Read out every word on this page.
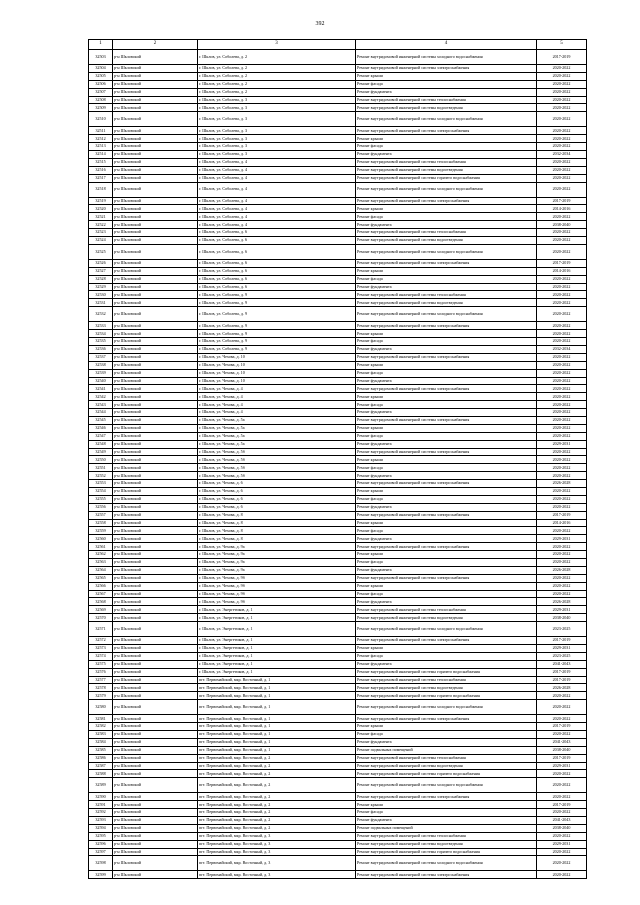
392
1	2	3	4	5
32503	р-н Шкловский	г. Шклов, ул. Соболева, д. 2	Ремонт внутридомовой инженерной системы холодного водоснабжения	2017-2019
32504	р-н Шкловский	г. Шклов, ул. Соболева, д. 2	Ремонт внутридомовой инженерной системы электроснабжения	2020-2022
32505	р-н Шкловский	г. Шклов, ул. Соболева, д. 2	Ремонт крыши	2020-2022
32506	р-н Шкловский	г. Шклов, ул. Соболева, д. 2	Ремонт фасада	2020-2022
32507	р-н Шкловский	г. Шклов, ул. Соболева, д. 2	Ремонт фундамента	2020-2022
32508	р-н Шкловский	г. Шклов, ул. Соболева, д. 3	Ремонт внутридомовой инженерной системы теплоснабжения	2020-2022
32509	р-н Шкловский	г. Шклов, ул. Соболева, д. 3	Ремонт внутридомовой инженерной системы водоотведения	2020-2022
32510	р-н Шкловский	г. Шклов, ул. Соболева, д. 3	Ремонт внутридомовой инженерной системы холодного водоснабжения	2020-2022
32511	р-н Шкловский	г. Шклов, ул. Соболева, д. 3	Ремонт внутридомовой инженерной системы электроснабжения	2020-2022
32512	р-н Шкловский	г. Шклов, ул. Соболева, д. 3	Ремонт крыши	2020-2022
32513	р-н Шкловский	г. Шклов, ул. Соболева, д. 3	Ремонт фасада	2020-2022
32514	р-н Шкловский	г. Шклов, ул. Соболева, д. 3	Ремонт фундамента	2032-2034
32515	р-н Шкловский	г. Шклов, ул. Соболева, д. 4	Ремонт внутридомовой инженерной системы теплоснабжения	2020-2022
32516	р-н Шкловский	г. Шклов, ул. Соболева, д. 4	Ремонт внутридомовой инженерной системы водоотведения	2020-2022
32517	р-н Шкловский	г. Шклов, ул. Соболева, д. 4	Ремонт внутридомовой инженерной системы горячего водоснабжения	2020-2022
32518	р-н Шкловский	г. Шклов, ул. Соболева, д. 4	Ремонт внутридомовой инженерной системы холодного водоснабжения	2020-2022
32519	р-н Шкловский	г. Шклов, ул. Соболева, д. 4	Ремонт внутридомовой инженерной системы электроснабжения	2017-2019
32520	р-н Шкловский	г. Шклов, ул. Соболева, д. 4	Ремонт крыши	2014-2016
32521	р-н Шкловский	г. Шклов, ул. Соболева, д. 4	Ремонт фасада	2020-2022
32522	р-н Шкловский	г. Шклов, ул. Соболева, д. 4	Ремонт фундамента	2038-2040
32523	р-н Шкловский	г. Шклов, ул. Соболева, д. 6	Ремонт внутридомовой инженерной системы теплоснабжения	2020-2022
32524	р-н Шкловский	г. Шклов, ул. Соболева, д. 6	Ремонт внутридомовой инженерной системы водоотведения	2020-2022
32525	р-н Шкловский	г. Шклов, ул. Соболева, д. 6	Ремонт внутридомовой инженерной системы холодного водоснабжения	2020-2022
32526	р-н Шкловский	г. Шклов, ул. Соболева, д. 6	Ремонт внутридомовой инженерной системы электроснабжения	2017-2019
32527	р-н Шкловский	г. Шклов, ул. Соболева, д. 6	Ремонт крыши	2014-2016
32528	р-н Шкловский	г. Шклов, ул. Соболева, д. 6	Ремонт фасада	2020-2022
32529	р-н Шкловский	г. Шклов, ул. Соболева, д. 6	Ремонт фундамента	2020-2022
32530	р-н Шкловский	г. Шклов, ул. Соболева, д. 9	Ремонт внутридомовой инженерной системы теплоснабжения	2020-2022
32531	р-н Шкловский	г. Шклов, ул. Соболева, д. 9	Ремонт внутридомовой инженерной системы водоотведения	2020-2022
32532	р-н Шкловский	г. Шклов, ул. Соболева, д. 9	Ремонт внутридомовой инженерной системы холодного водоснабжения	2020-2022
32533	р-н Шкловский	г. Шклов, ул. Соболева, д. 9	Ремонт внутридомовой инженерной системы электроснабжения	2020-2022
32534	р-н Шкловский	г. Шклов, ул. Соболева, д. 9	Ремонт крыши	2020-2022
32535	р-н Шкловский	г. Шклов, ул. Соболева, д. 9	Ремонт фасада	2020-2022
32536	р-н Шкловский	г. Шклов, ул. Соболева, д. 9	Ремонт фундамента	2032-2034
32537	р-н Шкловский	г. Шклов, ул. Чехова, д. 10	Ремонт внутридомовой инженерной системы электроснабжения	2020-2022
32538	р-н Шкловский	г. Шклов, ул. Чехова, д. 10	Ремонт крыши	2020-2022
32539	р-н Шкловский	г. Шклов, ул. Чехова, д. 10	Ремонт фасада	2020-2022
32540	р-н Шкловский	г. Шклов, ул. Чехова, д. 10	Ремонт фундамента	2020-2022
32541	р-н Шкловский	г. Шклов, ул. Чехова, д. 4	Ремонт внутридомовой инженерной системы электроснабжения	2020-2022
32542	р-н Шкловский	г. Шклов, ул. Чехова, д. 4	Ремонт крыши	2020-2022
32543	р-н Шкловский	г. Шклов, ул. Чехова, д. 4	Ремонт фасада	2020-2022
32544	р-н Шкловский	г. Шклов, ул. Чехова, д. 4	Ремонт фундамента	2020-2022
32545	р-н Шкловский	г. Шклов, ул. Чехова, д. 5а	Ремонт внутридомовой инженерной системы электроснабжения	2020-2022
32546	р-н Шкловский	г. Шклов, ул. Чехова, д. 5а	Ремонт крыши	2020-2022
32547	р-н Шкловский	г. Шклов, ул. Чехова, д. 5а	Ремонт фасада	2020-2022
32548	р-н Шкловский	г. Шклов, ул. Чехова, д. 5а	Ремонт фундамента	2029-2031
32549	р-н Шкловский	г. Шклов, ул. Чехова, д. 5б	Ремонт внутридомовой инженерной системы электроснабжения	2020-2022
32550	р-н Шкловский	г. Шклов, ул. Чехова, д. 5б	Ремонт крыши	2020-2022
32551	р-н Шкловский	г. Шклов, ул. Чехова, д. 5б	Ремонт фасада	2020-2022
32552	р-н Шкловский	г. Шклов, ул. Чехова, д. 5б	Ремонт фундамента	2020-2022
32553	р-н Шкловский	г. Шклов, ул. Чехова, д. 6	Ремонт внутридомовой инженерной системы электроснабжения	2026-2028
32554	р-н Шкловский	г. Шклов, ул. Чехова, д. 6	Ремонт крыши	2020-2022
32555	р-н Шкловский	г. Шклов, ул. Чехова, д. 6	Ремонт фасада	2020-2022
32556	р-н Шкловский	г. Шклов, ул. Чехова, д. 6	Ремонт фундамента	2020-2022
32557	р-н Шкловский	г. Шклов, ул. Чехова, д. 8	Ремонт внутридомовой инженерной системы электроснабжения	2017-2019
32558	р-н Шкловский	г. Шклов, ул. Чехова, д. 8	Ремонт крыши	2014-2016
32559	р-н Шкловский	г. Шклов, ул. Чехова, д. 8	Ремонт фасада	2020-2022
32560	р-н Шкловский	г. Шклов, ул. Чехова, д. 8	Ремонт фундамента	2029-2031
32561	р-н Шкловский	г. Шклов, ул. Чехова, д. 9а	Ремонт внутридомовой инженерной системы электроснабжения	2020-2022
32562	р-н Шкловский	г. Шклов, ул. Чехова, д. 9а	Ремонт крыши	2020-2022
32563	р-н Шкловский	г. Шклов, ул. Чехова, д. 9а	Ремонт фасада	2020-2022
32564	р-н Шкловский	г. Шклов, ул. Чехова, д. 9а	Ремонт фундамента	2026-2028
32565	р-н Шкловский	г. Шклов, ул. Чехова, д. 9б	Ремонт внутридомовой инженерной системы электроснабжения	2020-2022
32566	р-н Шкловский	г. Шклов, ул. Чехова, д. 9б	Ремонт крыши	2020-2022
32567	р-н Шкловский	г. Шклов, ул. Чехова, д. 9б	Ремонт фасада	2020-2022
32568	р-н Шкловский	г. Шклов, ул. Чехова, д. 9б	Ремонт фундамента	2026-2028
32569	р-н Шкловский	г. Шклов, ул. Энергетиков, д. 1	Ремонт внутридомовой инженерной системы теплоснабжения	2029-2031
32570	р-н Шкловский	г. Шклов, ул. Энергетиков, д. 1	Ремонт внутридомовой инженерной системы водоотведения	2038-2040
32571	р-н Шкловский	г. Шклов, ул. Энергетиков, д. 1	Ремонт внутридомовой инженерной системы холодного водоснабжения	2023-2025
32572	р-н Шкловский	г. Шклов, ул. Энергетиков, д. 1	Ремонт внутридомовой инженерной системы электроснабжения	2017-2019
32573	р-н Шкловский	г. Шклов, ул. Энергетиков, д. 1	Ремонт крыши	2029-2031
32574	р-н Шкловский	г. Шклов, ул. Энергетиков, д. 1	Ремонт фасада	2023-2025
32575	р-н Шкловский	г. Шклов, ул. Энергетиков, д. 1	Ремонт фундамента	2041-2043
32576	р-н Шкловский	г. Шклов, ул. Энергетиков, д. 1	Ремонт внутридомовой инженерной системы горячего водоснабжения	2017-2019
32577	р-н Шкловский	пгт. Первомайский, мкр. Восточный, д. 1	Ремонт внутридомовой инженерной системы теплоснабжения	2017-2019
32578	р-н Шкловский	пгт. Первомайский, мкр. Восточный, д. 1	Ремонт внутридомовой инженерной системы водоотведения	2026-2028
32579	р-н Шкловский	пгт. Первомайский, мкр. Восточный, д. 1	Ремонт внутридомовой инженерной системы горячего водоснабжения	2020-2022
32580	р-н Шкловский	пгт. Первомайский, мкр. Восточный, д. 1	Ремонт внутридомовой инженерной системы холодного водоснабжения	2020-2022
32581	р-н Шкловский	пгт. Первомайский, мкр. Восточный, д. 1	Ремонт внутридомовой инженерной системы электроснабжения	2020-2022
32582	р-н Шкловский	пгт. Первомайский, мкр. Восточный, д. 1	Ремонт крыши	2017-2019
32583	р-н Шкловский	пгт. Первомайский, мкр. Восточный, д. 1	Ремонт фасада	2020-2022
32584	р-н Шкловский	пгт. Первомайский, мкр. Восточный, д. 1	Ремонт фундамента	2041-2043
32585	р-н Шкловский	пгт. Первомайский, мкр. Восточный, д. 1	Ремонт подвальных помещений	2038-2040
32586	р-н Шкловский	пгт. Первомайский, мкр. Восточный, д. 2	Ремонт внутридомовой инженерной системы теплоснабжения	2017-2019
32587	р-н Шкловский	пгт. Первомайский, мкр. Восточный, д. 2	Ремонт внутридомовой инженерной системы водоотведения	2029-2031
32588	р-н Шкловский	пгт. Первомайский, мкр. Восточный, д. 2	Ремонт внутридомовой инженерной системы горячего водоснабжения	2020-2022
32589	р-н Шкловский	пгт. Первомайский, мкр. Восточный, д. 2	Ремонт внутридомовой инженерной системы холодного водоснабжения	2020-2022
32590	р-н Шкловский	пгт. Первомайский, мкр. Восточный, д. 2	Ремонт внутридомовой инженерной системы электроснабжения	2020-2022
32591	р-н Шкловский	пгт. Первомайский, мкр. Восточный, д. 2	Ремонт крыши	2017-2019
32592	р-н Шкловский	пгт. Первомайский, мкр. Восточный, д. 2	Ремонт фасада	2020-2022
32593	р-н Шкловский	пгт. Первомайский, мкр. Восточный, д. 2	Ремонт фундамента	2041-2043
32594	р-н Шкловский	пгт. Первомайский, мкр. Восточный, д. 2	Ремонт подвальных помещений	2038-2040
32595	р-н Шкловский	пгт. Первомайский, мкр. Восточный, д. 3	Ремонт внутридомовой инженерной системы теплоснабжения	2020-2022
32596	р-н Шкловский	пгт. Первомайский, мкр. Восточный, д. 3	Ремонт внутридомовой инженерной системы водоотведения	2029-2031
32597	р-н Шкловский	пгт. Первомайский, мкр. Восточный, д. 3	Ремонт внутридомовой инженерной системы горячего водоснабжения	2020-2022
32598	р-н Шкловский	пгт. Первомайский, мкр. Восточный, д. 3	Ремонт внутридомовой инженерной системы холодного водоснабжения	2020-2022
32599	р-н Шкловский	пгт. Первомайский, мкр. Восточный, д. 3	Ремонт внутридомовой инженерной системы электроснабжения	2020-2022
